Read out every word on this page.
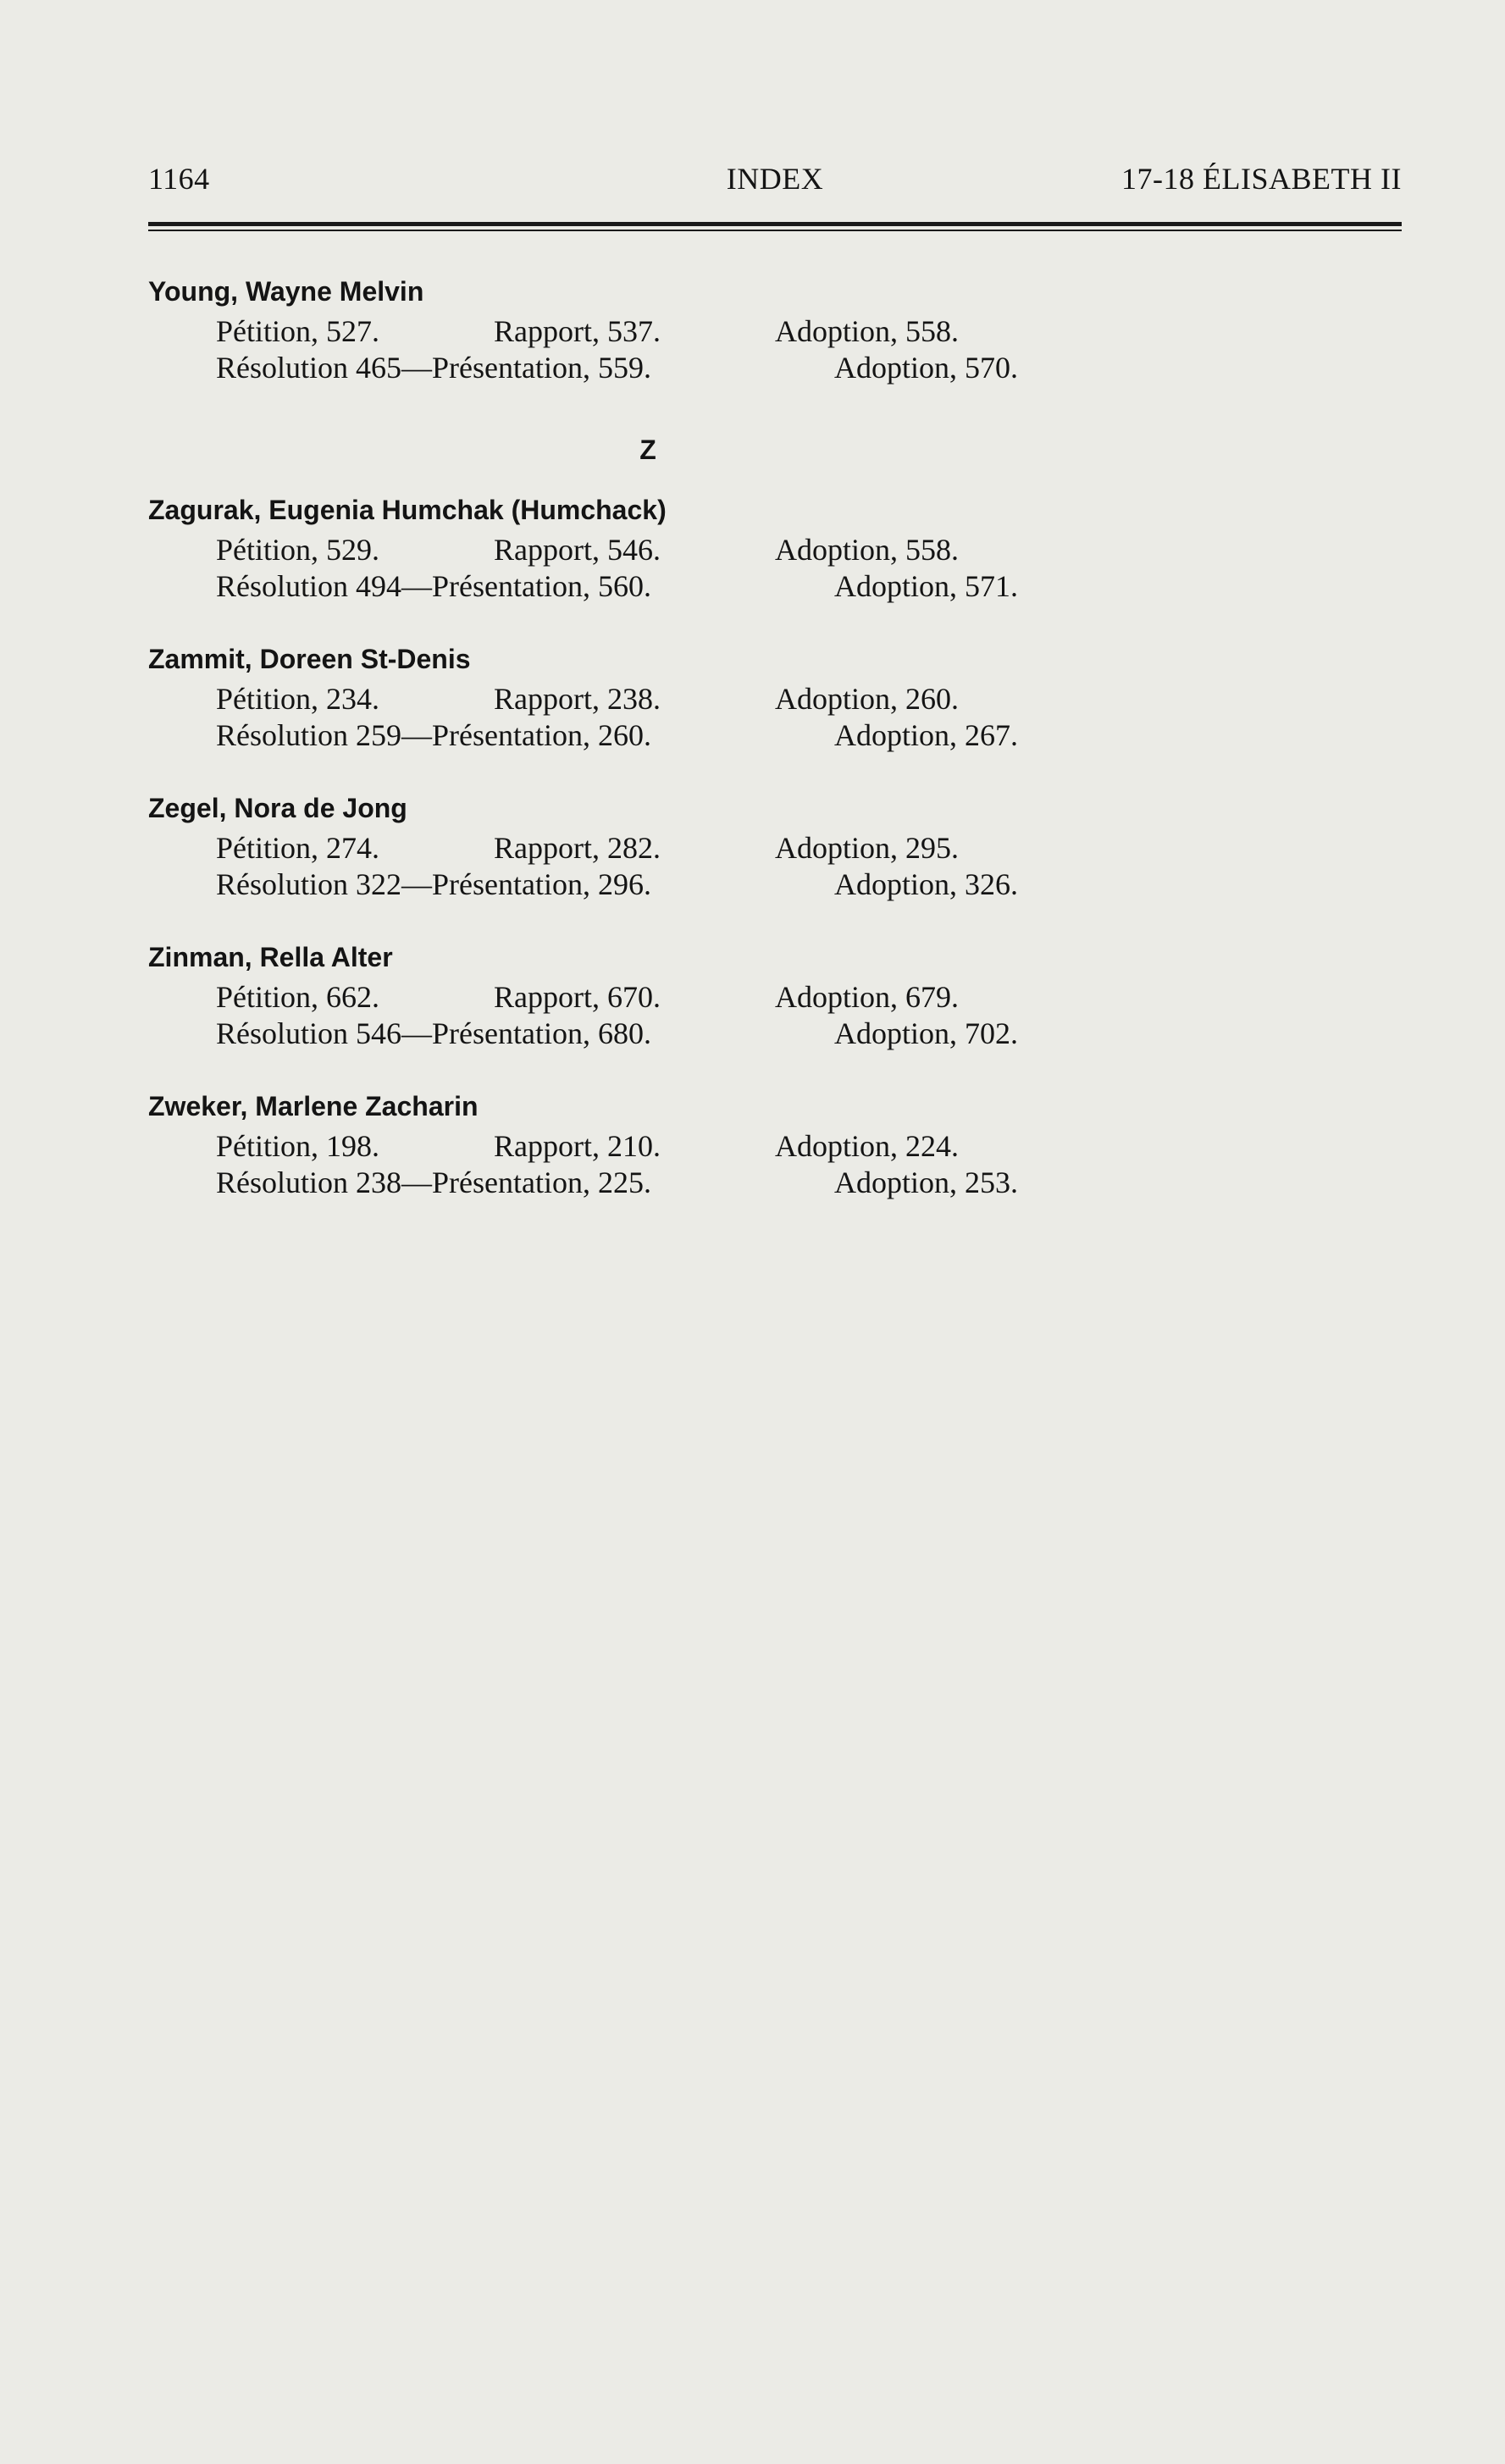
1164	INDEX	17-18 ÉLISABETH II
Young, Wayne Melvin
Pétition, 527.	Rapport, 537.	Adoption, 558.
Résolution 465—Présentation, 559.	Adoption, 570.
Z
Zagurak, Eugenia Humchak (Humchack)
Pétition, 529.	Rapport, 546.	Adoption, 558.
Résolution 494—Présentation, 560.	Adoption, 571.
Zammit, Doreen St-Denis
Pétition, 234.	Rapport, 238.	Adoption, 260.
Résolution 259—Présentation, 260.	Adoption, 267.
Zegel, Nora de Jong
Pétition, 274.	Rapport, 282.	Adoption, 295.
Résolution 322—Présentation, 296.	Adoption, 326.
Zinman, Rella Alter
Pétition, 662.	Rapport, 670.	Adoption, 679.
Résolution 546—Présentation, 680.	Adoption, 702.
Zweker, Marlene Zacharin
Pétition, 198.	Rapport, 210.	Adoption, 224.
Résolution 238—Présentation, 225.	Adoption, 253.
